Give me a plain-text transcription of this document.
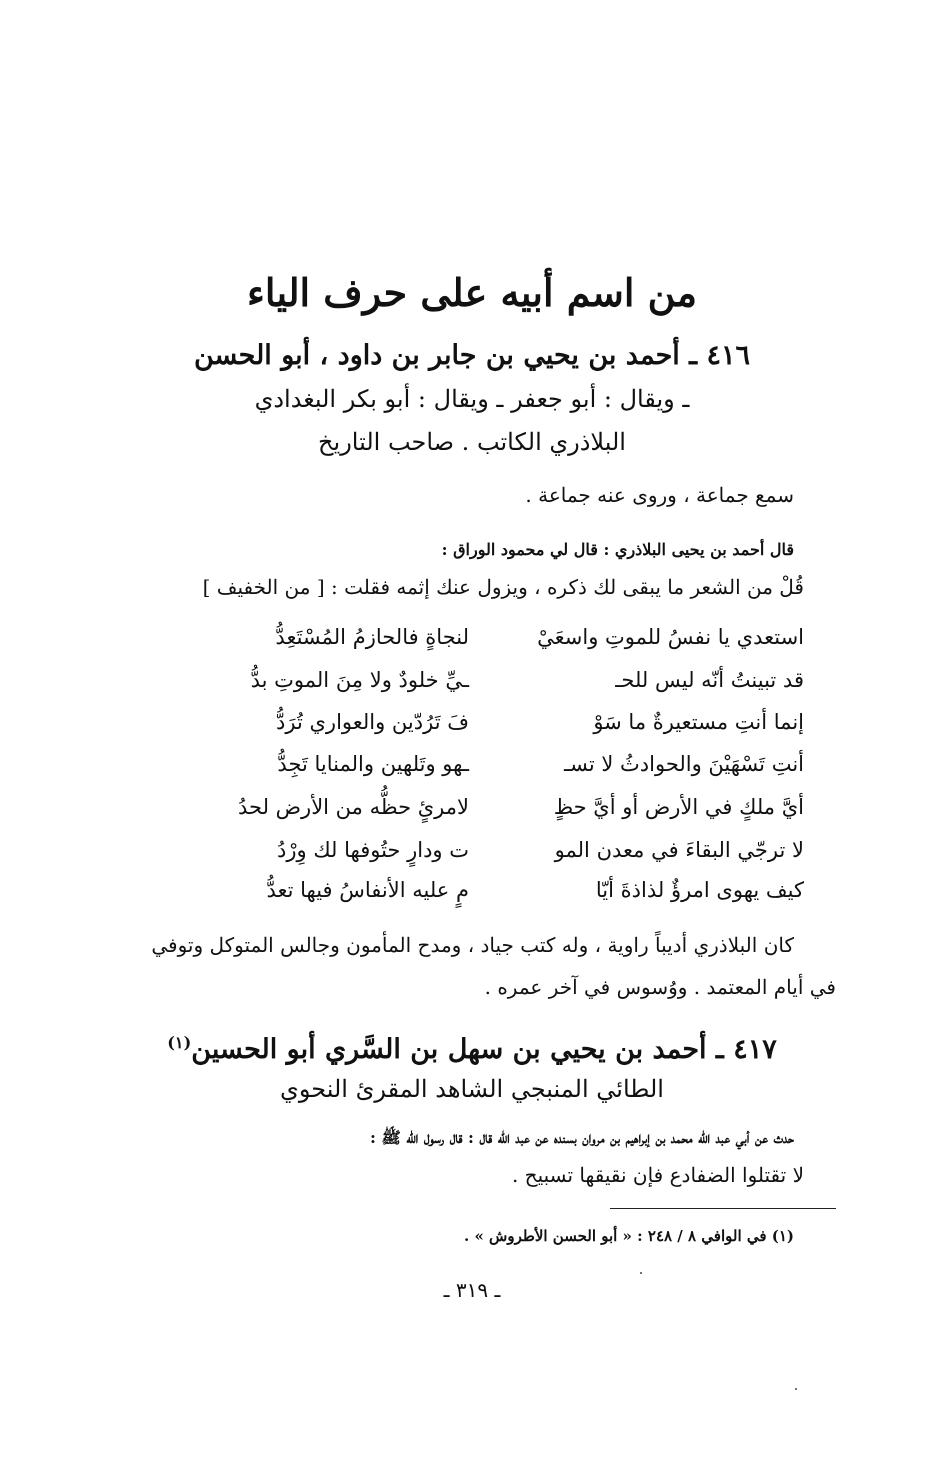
من اسم أبيه على حرف الياء
٤١٦ ـ أحمد بن يحيي بن جابر بن داود ، أبو الحسن
ـ ويقال : أبو جعفر ـ ويقال : أبو بكر البغدادي
البلاذري الكاتب . صاحب التاريخ
سمع جماعة ، وروى عنه جماعة .
قال أحمد بن يحيى البلاذري : قال لي محمود الوراق :
قُلْ من الشعر ما يبقى لك ذكره ، ويزول عنك إثمه فقلت : [ من الخفيف ]
استعدي يا نفسُ للموتِ واسعَيْ
لنجاةٍ فالحازمُ المُسْتَعِدُّ
قد تبينتُ أنّه ليس للحـ
ـيِّ خلودٌ ولا مِنَ الموتِ بدُّ
إنما أنتِ مستعيرةٌ ما سَوْ
فَ تَرُدّين والعواري تُرَدُّ
أنتِ تَسْهَيْنَ والحوادثُ لا تسـ
ـهو وتَلهين والمنايا تَجِدُّ
أيَّ ملكٍ في الأرض أو أيَّ حظٍ
لامرئٍ حظُّه من الأرض لحدُ
لا ترجّي البقاءَ في معدن المو
ت ودارٍ حتُوفها لك وِرْدُ
كيف يهوى امرؤٌ لذاذةَ أيّا
مٍ عليه الأنفاسُ فيها تعدُّ
كان البلاذري أديباً راوية ، وله كتب جياد ، ومدح المأمون وجالس المتوكل وتوفي
في أيام المعتمد . ووُسوس في آخر عمره .
٤١٧ ـ أحمد بن يحيي بن سهل بن السَّري أبو الحسين$^{(١)}$
الطائي المنبجي الشاهد المقرئ النحوي
حدث عن أبي عبد الله محمد بن إبراهيم بن مروان بسنده عن عبد الله قال : قال رسول الله ﷺ :
لا تقتلوا الضفادع فإن نقيقها تسبيح .
(١) في الوافي ٨ / ٢٤٨ : « أبو الحسن الأطروش » .
ـ ٣١٩ ـ
